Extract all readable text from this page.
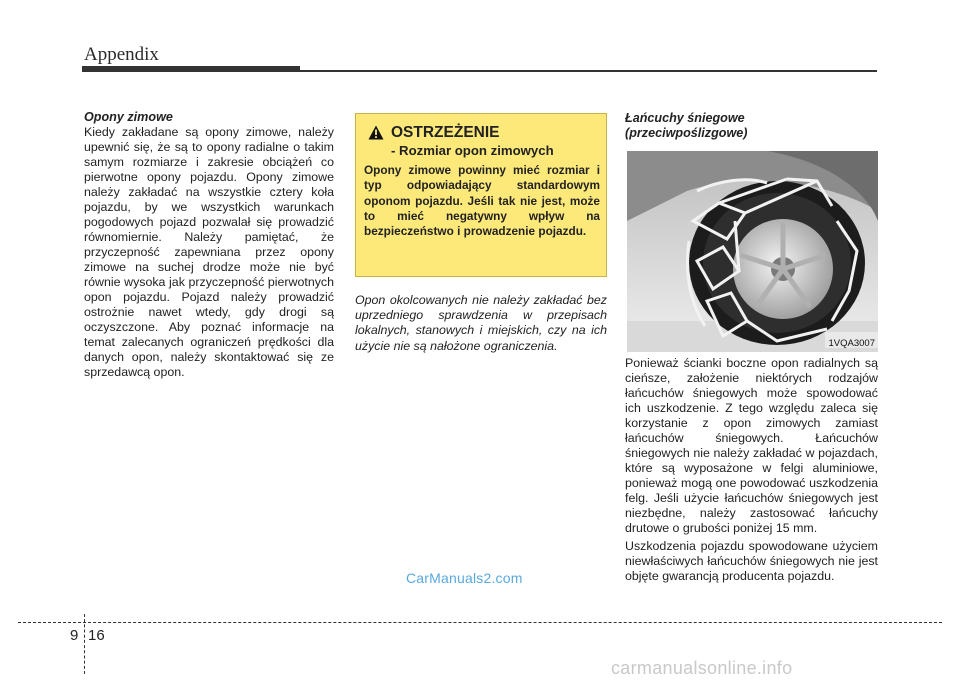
Appendix

Opony zimowe

Kiedy zakładane są opony zimowe, należy upewnić się, że są to opony radialne o takim samym rozmiarze i zakresie obciążeń co pierwotne opony pojazdu. Opony zimowe należy zakładać na wszystkie cztery koła pojazdu, by we wszystkich warunkach pogodowych pojazd pozwalał się prowadzić równomiernie. Należy pamiętać, że przyczepność zapewniana przez opony zimowe na suchej drodze może nie być równie wysoka jak przyczepność pierwotnych opon pojazdu. Pojazd należy prowadzić ostrożnie nawet wtedy, gdy drogi są oczyszczone. Aby poznać informacje na temat zalecanych ograniczeń prędkości dla danych opon, należy skontaktować się ze sprzedawcą opon.

OSTRZEŻENIE
- Rozmiar opon zimowych
Opony zimowe powinny mieć rozmiar i typ odpowiadający standardowym oponom pojazdu. Jeśli tak nie jest, może to mieć negatywny wpływ na bezpieczeństwo i prowadzenie pojazdu.
Opon okolcowanych nie należy zakładać bez uprzedniego sprawdzenia w przepisach lokalnych, stanowych i miejskich, czy na ich użycie nie są nałożone ograniczenia.

Łańcuchy śniegowe
(przeciwpoślizgowe)

1VQA3007

Ponieważ ścianki boczne opon radialnych są cieńsze, założenie niektórych rodzajów łańcuchów śniegowych może spowodować ich uszkodzenie. Z tego względu zaleca się korzystanie z opon zimowych zamiast łańcuchów śniegowych. Łańcuchów śniegowych nie należy zakładać w pojazdach, które są wyposażone w felgi aluminiowe, ponieważ mogą one powodować uszkodzenia felg. Jeśli użycie łańcuchów śniegowych jest niezbędne, należy zastosować łańcuchy drutowe o grubości poniżej 15 mm.

Uszkodzenia pojazdu spowodowane użyciem niewłaściwych łańcuchów śniegowych nie jest objęte gwarancją producenta pojazdu.

CarManuals2.com
9 16
carmanualsonline.info
